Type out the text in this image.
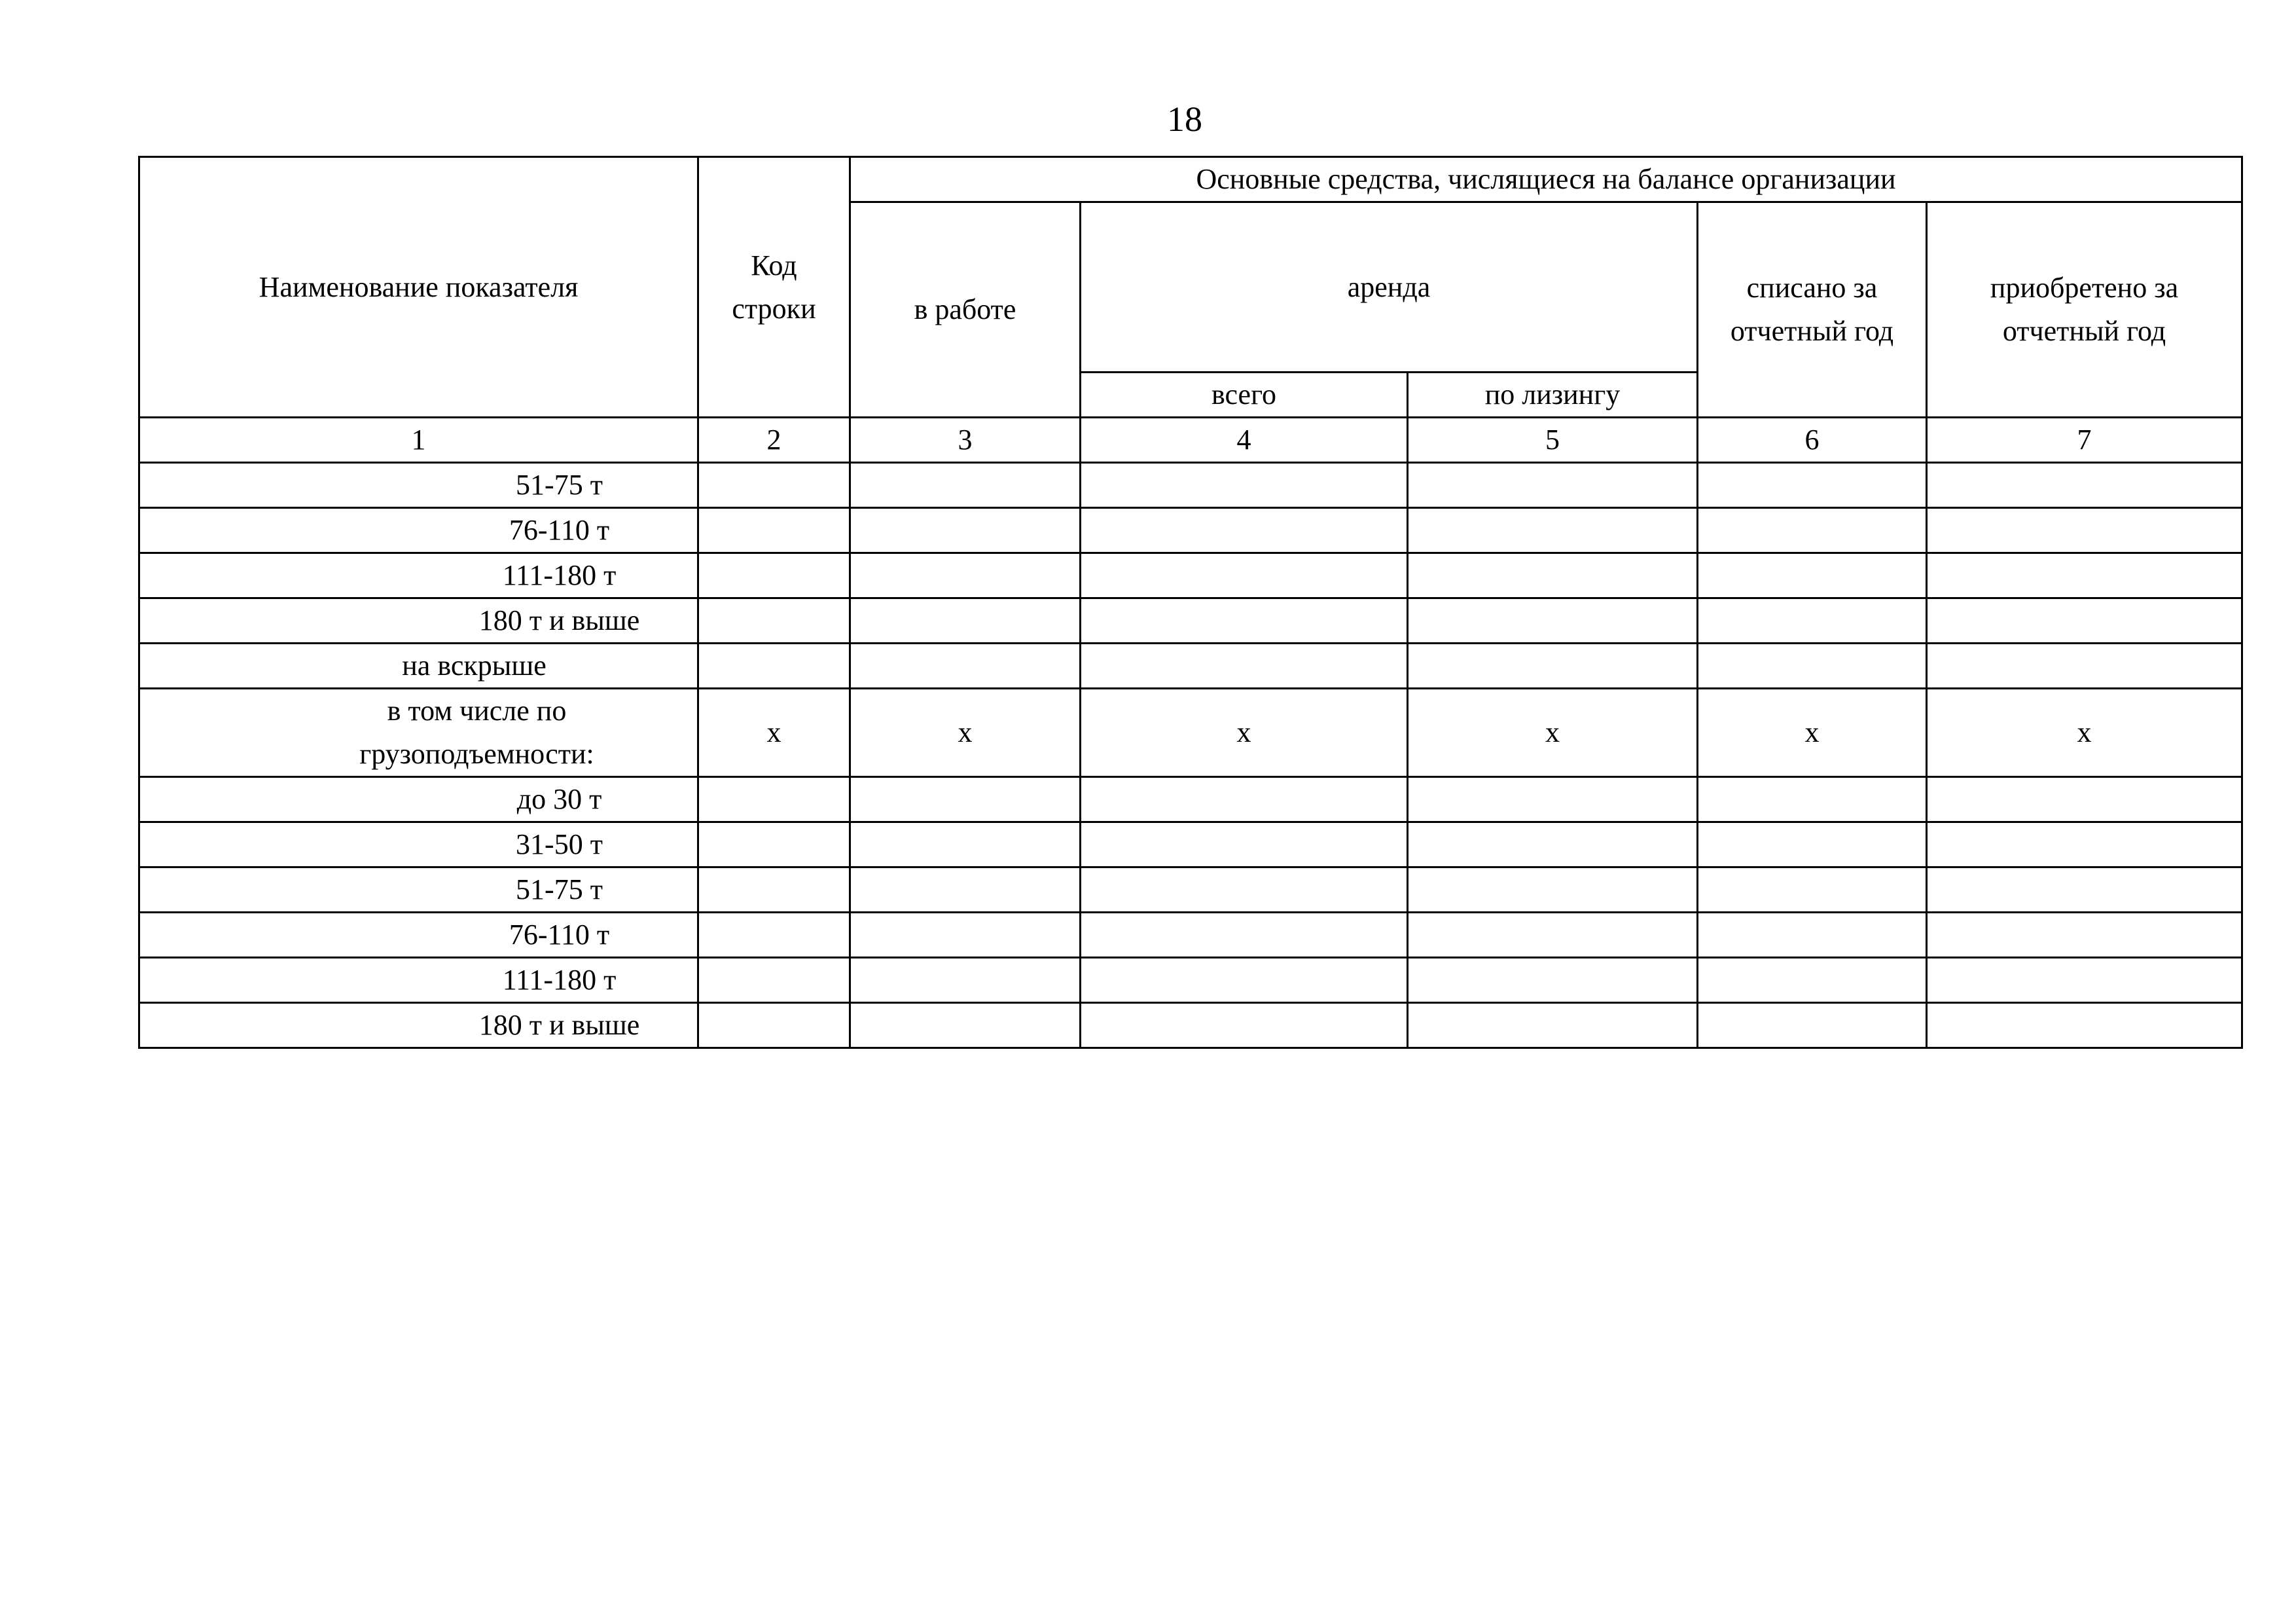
18
Наименование показателя	Код строки	Основные средства, числящиеся на балансе организации				
		в работе	аренда		списано за отчетный год	приобретено за отчетный год
			всего	по лизингу		
1	2	3	4	5	6	7
51-75 т						
76-110 т						
111-180 т						
180 т и выше						
на вскрыше						
в том числе по грузоподъемности:	х	х	х	х	х	х
до 30 т						
31-50 т						
51-75 т						
76-110 т						
111-180 т						
180 т и выше						
